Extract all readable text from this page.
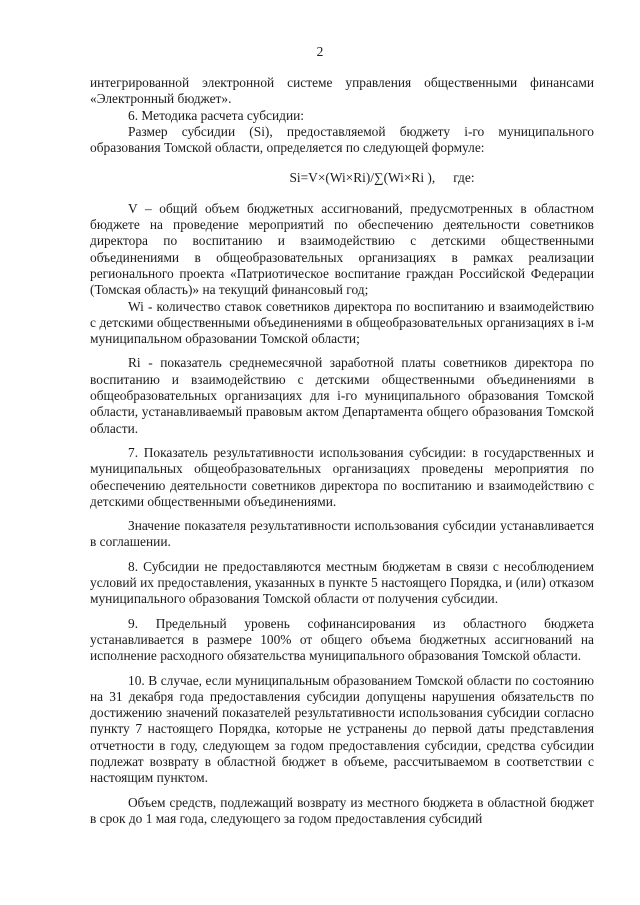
2

интегрированной электронной системе управления общественными финансами «Электронный бюджет».

6. Методика расчета субсидии:

Размер субсидии (Si), предоставляемой бюджету i-го муниципального образования Томской области, определяется по следующей формуле:

Si=V×(Wi×Ri)/∑(Wi×Ri ), где:

V – общий объем бюджетных ассигнований, предусмотренных в областном бюджете на проведение мероприятий по обеспечению деятельности советников директора по воспитанию и взаимодействию с детскими общественными объединениями в общеобразовательных организациях в рамках реализации регионального проекта «Патриотическое воспитание граждан Российской Федерации (Томская область)» на текущий финансовый год;

Wi - количество ставок советников директора по воспитанию и взаимодействию с детскими общественными объединениями в общеобразовательных организациях в i-м муниципальном образовании Томской области;

Ri - показатель среднемесячной заработной платы советников директора по воспитанию и взаимодействию с детскими общественными объединениями в общеобразовательных организациях для i-го муниципального образования Томской области, устанавливаемый правовым актом Департамента общего образования Томской области.

7. Показатель результативности использования субсидии: в государственных и муниципальных общеобразовательных организациях проведены мероприятия по обеспечению деятельности советников директора по воспитанию и взаимодействию с детскими общественными объединениями.

Значение показателя результативности использования субсидии устанавливается в соглашении.

8. Субсидии не предоставляются местным бюджетам в связи с несоблюдением условий их предоставления, указанных в пункте 5 настоящего Порядка, и (или) отказом муниципального образования Томской области от получения субсидии.

9. Предельный уровень софинансирования из областного бюджета устанавливается в размере 100% от общего объема бюджетных ассигнований на исполнение расходного обязательства муниципального образования Томской области.

10. В случае, если муниципальным образованием Томской области по состоянию на 31 декабря года предоставления субсидии допущены нарушения обязательств по достижению значений показателей результативности использования субсидии согласно пункту 7 настоящего Порядка, которые не устранены до первой даты представления отчетности в году, следующем за годом предоставления субсидии, средства субсидии подлежат возврату в областной бюджет в объеме, рассчитываемом в соответствии с настоящим пунктом.

Объем средств, подлежащий возврату из местного бюджета в областной бюджет в срок до 1 мая года, следующего за годом предоставления субсидий
